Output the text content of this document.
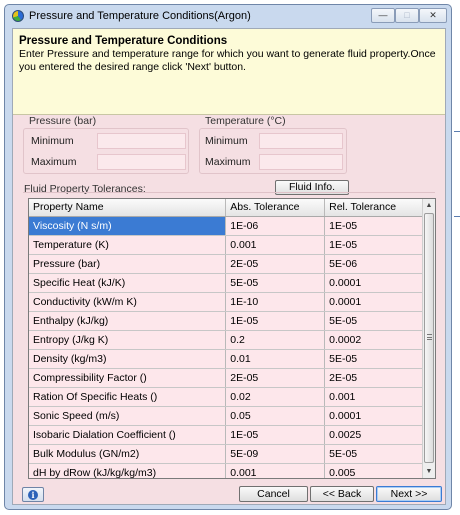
Pressure and Temperature Conditions(Argon)	—	□	✕
Pressure and Temperature Conditions
Enter Pressure and temperature range for which you want to generate fluid property.Once you entered the desired range click 'Next' button.
Pressure (bar)
Minimum
Maximum
Temperature (°C)
Minimum
Maximum
Fluid Info.
Fluid Property Tolerances:
Property Name	Abs. Tolerance	Rel. Tolerance
Viscosity (N s/m)	1E-06	1E-05
Temperature (K)	0.001	1E-05
Pressure (bar)	2E-05	5E-06
Specific Heat (kJ/K)	5E-05	0.0001
Conductivity (kW/m K)	1E-10	0.0001
Enthalpy (kJ/kg)	1E-05	5E-05
Entropy (J/kg K)	0.2	0.0002
Density (kg/m3)	0.01	5E-05
Compressibility Factor ()	2E-05	2E-05
Ration Of Specific Heats ()	0.02	0.001
Sonic Speed (m/s)	0.05	0.0001
Isobaric Dialation Coefficient ()	1E-05	0.0025
Bulk Modulus (GN/m2)	5E-09	5E-05
dH by dRow (kJ/kg/kg/m3)	0.001	0.005

▲
▼
i	Cancel	<< Back	Next >>
